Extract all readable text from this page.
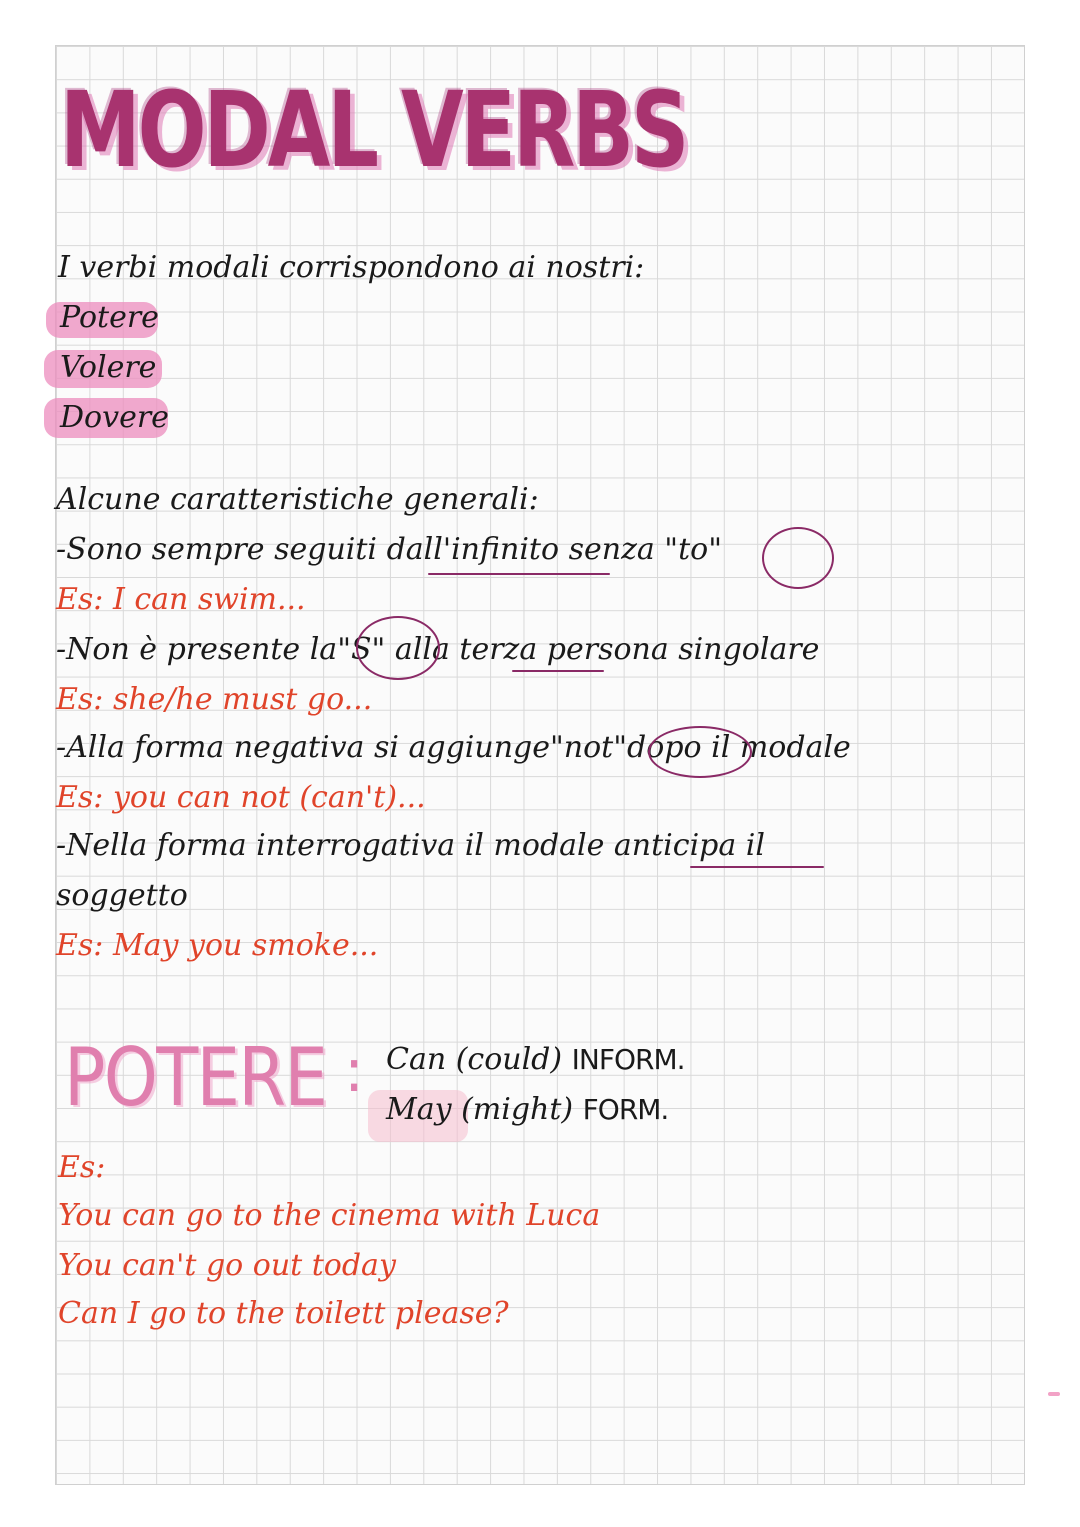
MODAL VERBS
I verbi modali corrispondono ai nostri:
Potere
Volere
Dovere
Alcune caratteristiche generali:
-Sono sempre seguiti dall'infinito senza "to"
Es: I can swim...
-Non è presente la"S" alla terza persona singolare
Es: she/he must go...
-Alla forma negativa si aggiunge"not"dopo il modale
Es: you can not (can't)...
-Nella forma interrogativa il modale anticipa il
soggetto
Es: May you smoke...
POTERE : Can (could) INFORM.
May (might) FORM.
Es:
You can go to the cinema with Luca
You can't go out today
Can I go to the toilett please?
